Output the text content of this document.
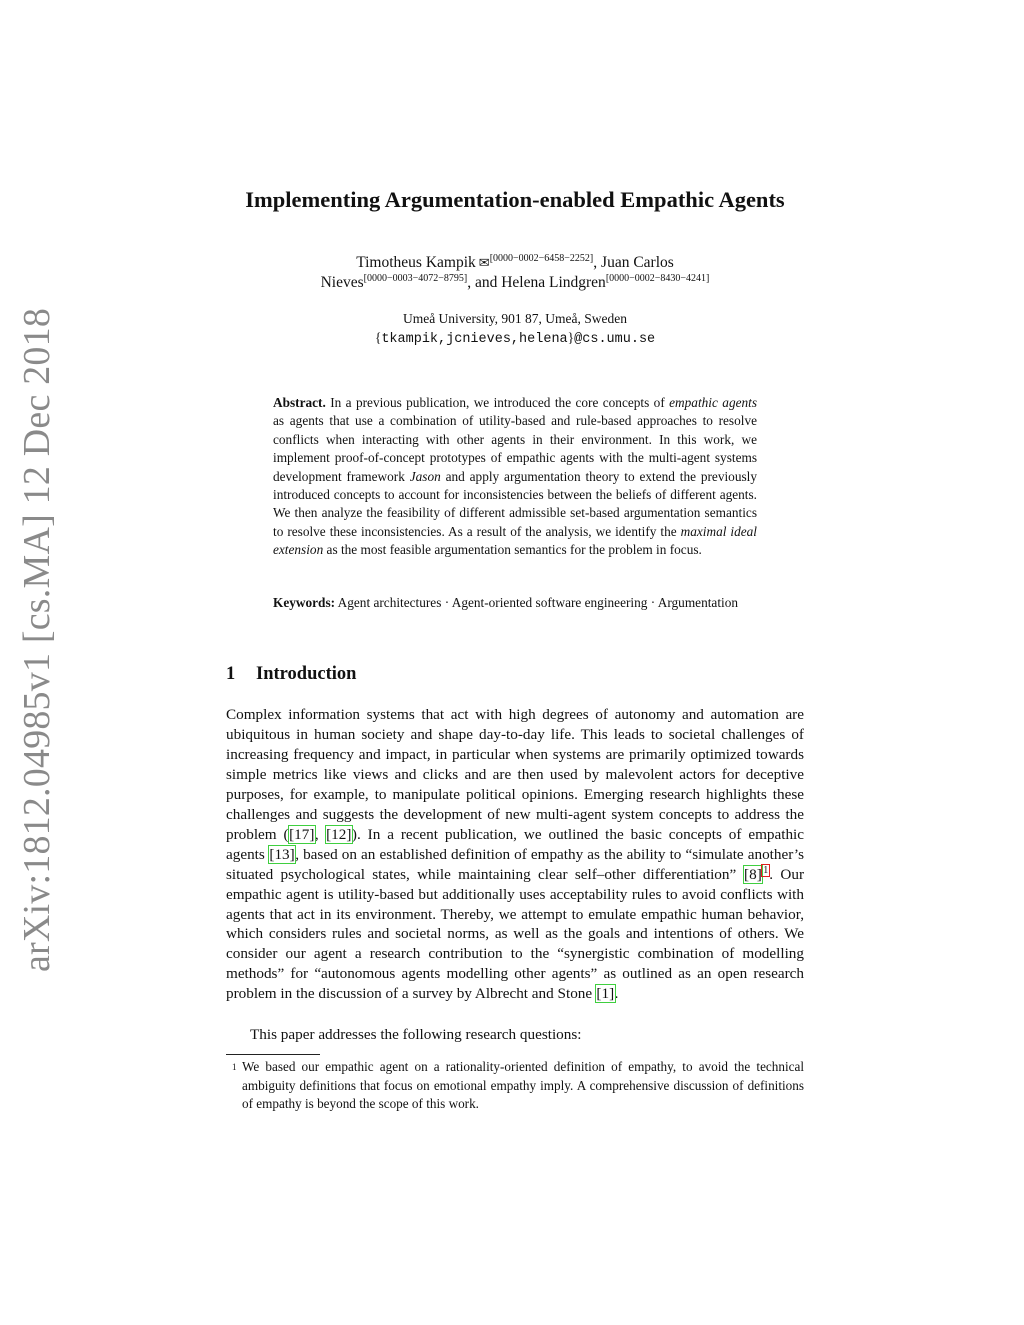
arXiv:1812.04985v1 [cs.MA] 12 Dec 2018
Implementing Argumentation-enabled Empathic Agents
Timotheus Kampik ✉[0000−0002−6458−2252], Juan Carlos
Nieves[0000−0003−4072−8795], and Helena Lindgren[0000−0002−8430−4241]
Umeå University, 901 87, Umeå, Sweden
{tkampik,jcnieves,helena}@cs.umu.se

Abstract. In a previous publication, we introduced the core concepts of empathic agents as agents that use a combination of utility-based and rule-based approaches to resolve conflicts when interacting with other agents in their environment. In this work, we implement proof-of-concept prototypes of empathic agents with the multi-agent systems development framework Jason and apply argumentation theory to extend the previously introduced concepts to account for inconsistencies between the beliefs of different agents. We then analyze the feasibility of different admissible set-based argumentation semantics to resolve these inconsistencies. As a result of the analysis, we identify the maximal ideal extension as the most feasible argumentation semantics for the problem in focus.

Keywords: Agent architectures · Agent-oriented software engineering · Argumentation

1 Introduction

Complex information systems that act with high degrees of autonomy and automation are ubiquitous in human society and shape day-to-day life. This leads to societal challenges of increasing frequency and impact, in particular when systems are primarily optimized towards simple metrics like views and clicks and are then used by malevolent actors for deceptive purposes, for example, to manipulate political opinions. Emerging research highlights these challenges and suggests the development of new multi-agent system concepts to address the problem ([17], [12]). In a recent publication, we outlined the basic concepts of empathic agents [13], based on an established definition of empathy as the ability to “simulate another’s situated psychological states, while maintaining clear self–other differentiation” [8] $^1$. Our empathic agent is utility-based but additionally uses acceptability rules to avoid conflicts with agents that act in its environment. Thereby, we attempt to emulate empathic human behavior, which considers rules and societal norms, as well as the goals and intentions of others. We consider our agent a research contribution to the “synergistic combination of modelling methods” for “autonomous agents modelling other agents” as outlined as an open research problem in the discussion of a survey by Albrecht and Stone [1].

This paper addresses the following research questions:

1 We based our empathic agent on a rationality-oriented definition of empathy, to avoid the technical ambiguity definitions that focus on emotional empathy imply. A comprehensive discussion of definitions of empathy is beyond the scope of this work.
